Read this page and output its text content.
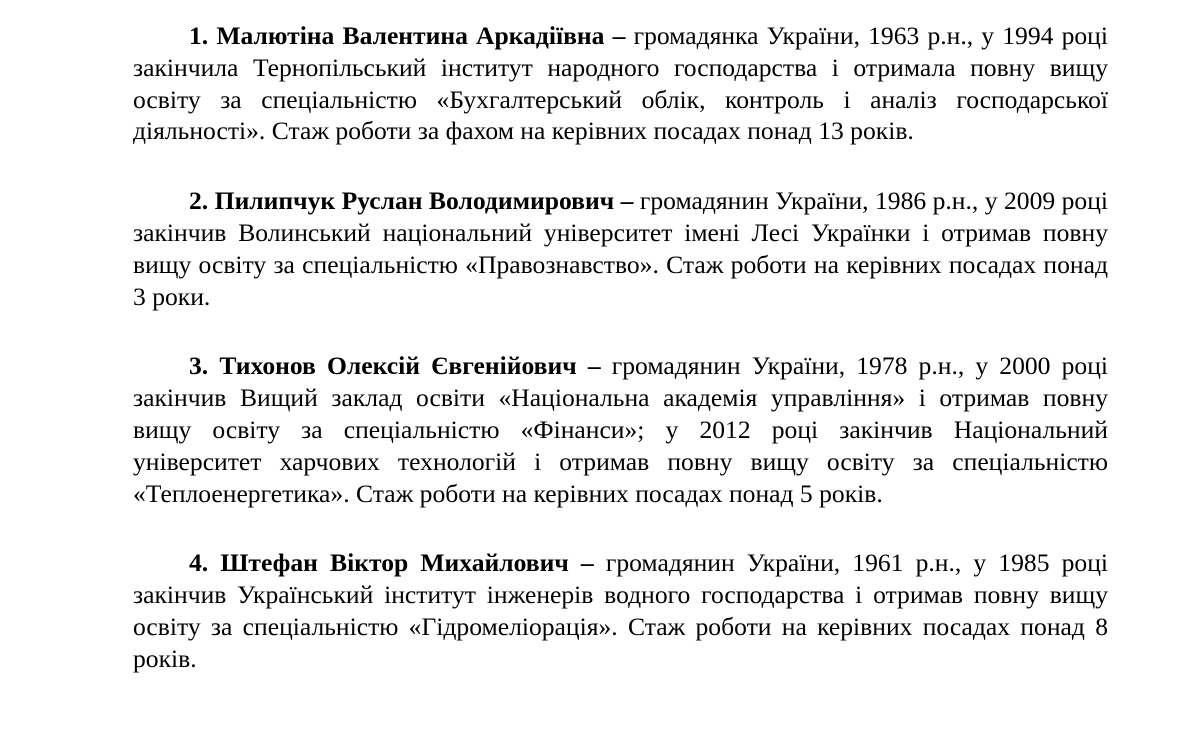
1. Малютіна Валентина Аркадіївна – громадянка України, 1963 р.н., у 1994 році закінчила Тернопільський інститут народного господарства і отримала повну вищу освіту за спеціальністю «Бухгалтерський облік, контроль і аналіз господарської діяльності». Стаж роботи за фахом на керівних посадах понад 13 років.

2. Пилипчук Руслан Володимирович – громадянин України, 1986 р.н., у 2009 році закінчив Волинський національний університет імені Лесі Українки і отримав повну вищу освіту за спеціальністю «Правознавство». Стаж роботи на керівних посадах понад 3 роки.

3. Тихонов Олексій Євгенійович – громадянин України, 1978 р.н., у 2000 році закінчив Вищий заклад освіти «Національна академія управління» і отримав повну вищу освіту за спеціальністю «Фінанси»; у 2012 році закінчив Національний університет харчових технологій і отримав повну вищу освіту за спеціальністю «Теплоенергетика». Стаж роботи на керівних посадах понад 5 років.

4. Штефан Віктор Михайлович – громадянин України, 1961 р.н., у 1985 році закінчив Український інститут інженерів водного господарства і отримав повну вищу освіту за спеціальністю «Гідромеліорація». Стаж роботи на керівних посадах понад 8 років.
